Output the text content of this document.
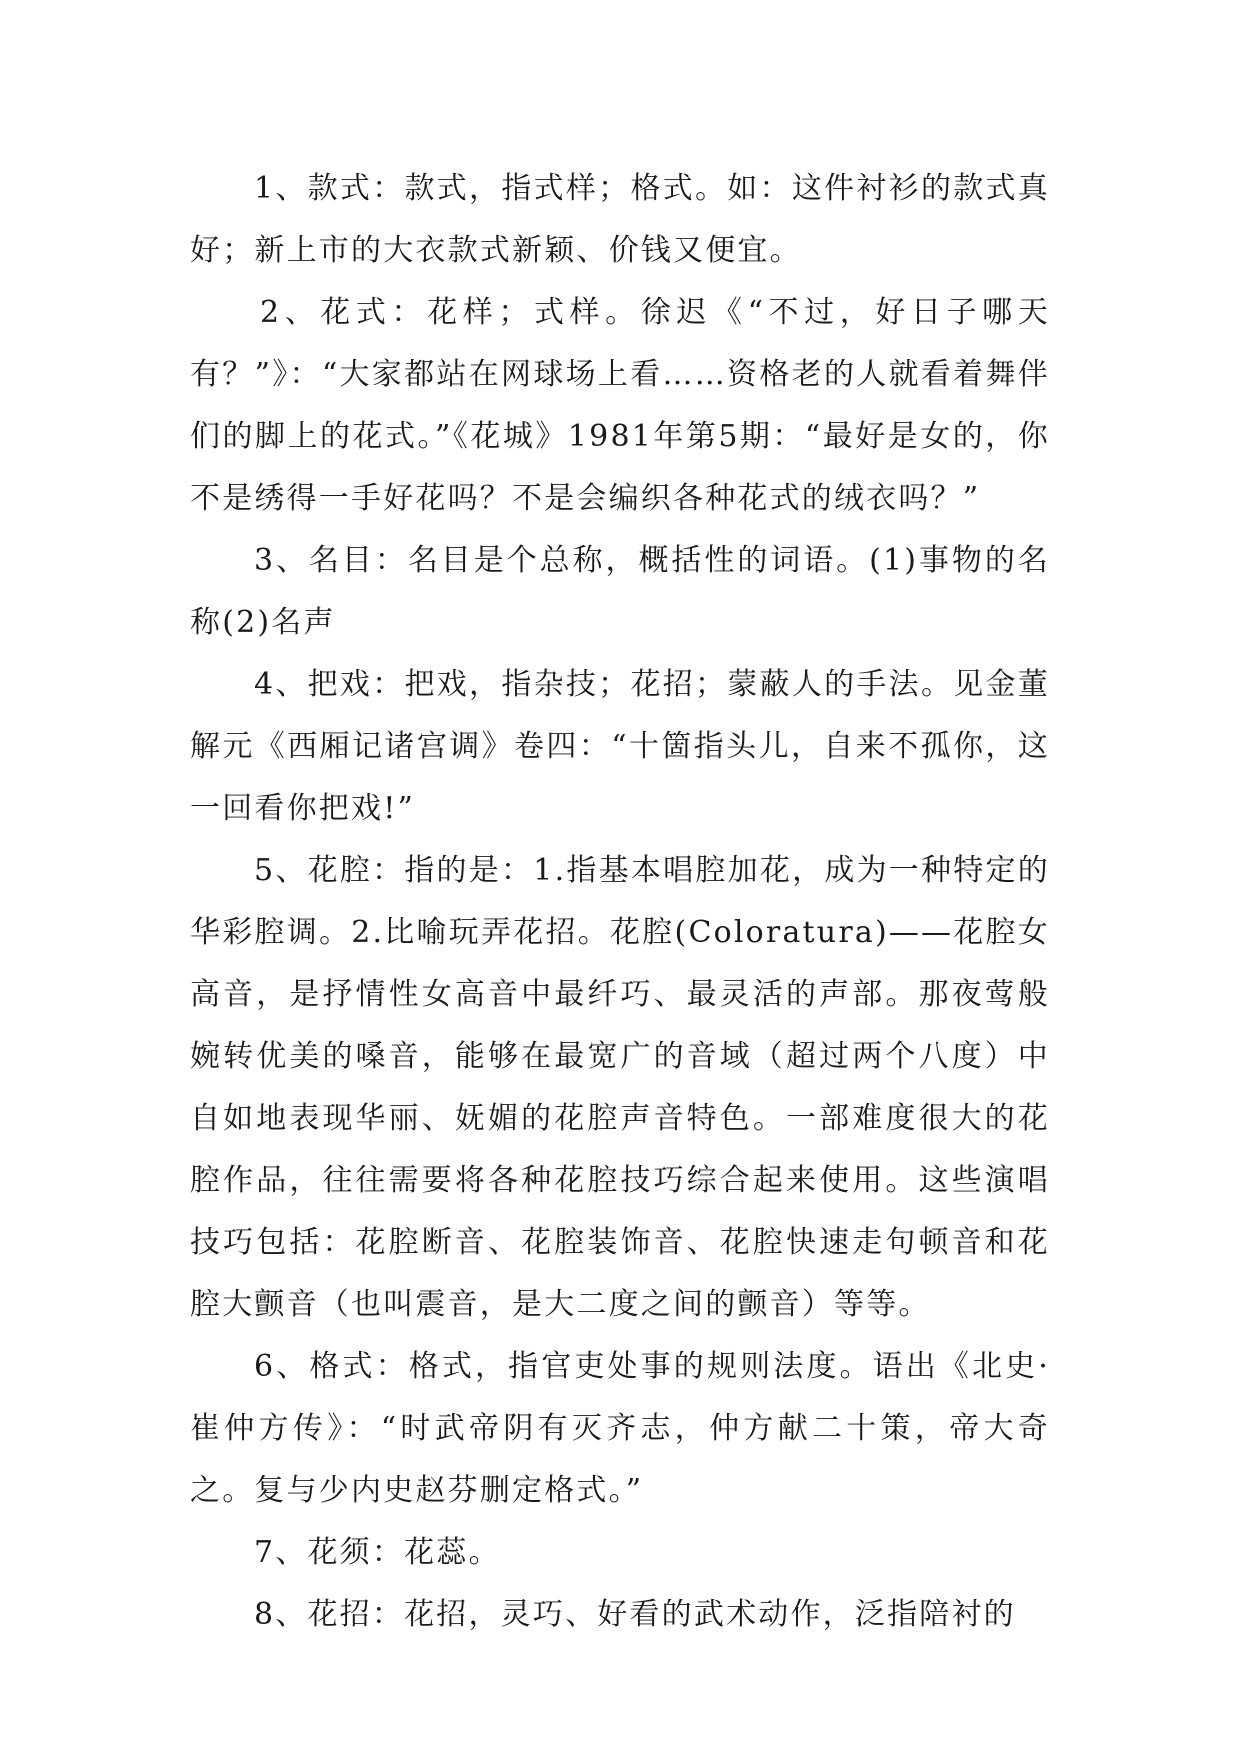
1、款式：款式，指式样；格式。如：这件衬衫的款式真好；新上市的大衣款式新颖、价钱又便宜。

2、花式：花样；式样。徐迟《“不过，好日子哪天有？”》：“大家都站在网球场上看……资格老的人就看着舞伴们的脚上的花式。”《花城》1981年第5期：“最好是女的，你不是绣得一手好花吗？不是会编织各种花式的绒衣吗？”

3、名目：名目是个总称，概括性的词语。(1)事物的名称(2)名声

4、把戏：把戏，指杂技；花招；蒙蔽人的手法。见金董解元《西厢记诸宫调》卷四：“十箇指头儿，自来不孤你，这一回看你把戏!”

5、花腔：指的是：1.指基本唱腔加花，成为一种特定的华彩腔调。2.比喻玩弄花招。花腔(Coloratura)——花腔女高音，是抒情性女高音中最纤巧、最灵活的声部。那夜莺般婉转优美的嗓音，能够在最宽广的音域（超过两个八度）中自如地表现华丽、妩媚的花腔声音特色。一部难度很大的花腔作品，往往需要将各种花腔技巧综合起来使用。这些演唱技巧包括：花腔断音、花腔装饰音、花腔快速走句顿音和花腔大颤音（也叫震音，是大二度之间的颤音）等等。

6、格式：格式，指官吏处事的规则法度。语出《北史·崔仲方传》：“时武帝阴有灭齐志，仲方献二十策，帝大奇之。复与少内史赵芬删定格式。”

7、花须：花蕊。

8、花招：花招，灵巧、好看的武术动作，泛指陪衬的
